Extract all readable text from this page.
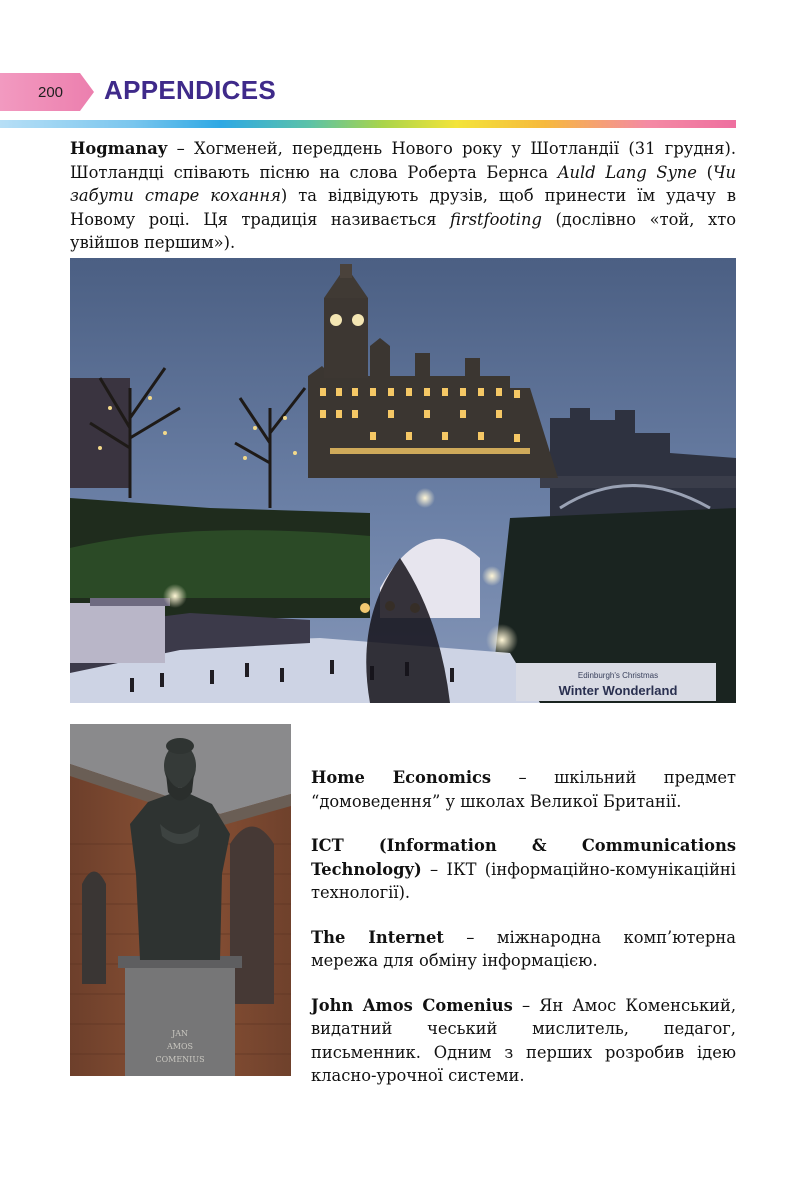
200 APPENDICES
Hogmanay – Хогменей, переддень Нового року у Шотландії (31 грудня). Шотландці співають пісню на слова Роберта Бернса Auld Lang Syne (Чи забути старе кохання) та відвідують друзів, щоб принести їм удачу в Новому році. Ця традиція називається firstfooting (дослівно «той, хто увійшов першим»).
Edinburgh's Christmas
Winter Wonderland
JAN
AMOS
COMENIUS

Home Economics – шкільний предмет “домоведення” у школах Великої Британії.

ICT (Information & Communications Technology) – ІКТ (інформаційно-комунікаційні технології).

The Internet – міжнародна комп’ютерна мережа для обміну інформацією.

John Amos Comenius – Ян Амос Коменський, видатний чеський мислитель, педагог, письменник. Одним з перших розробив ідею класно-урочної системи.
